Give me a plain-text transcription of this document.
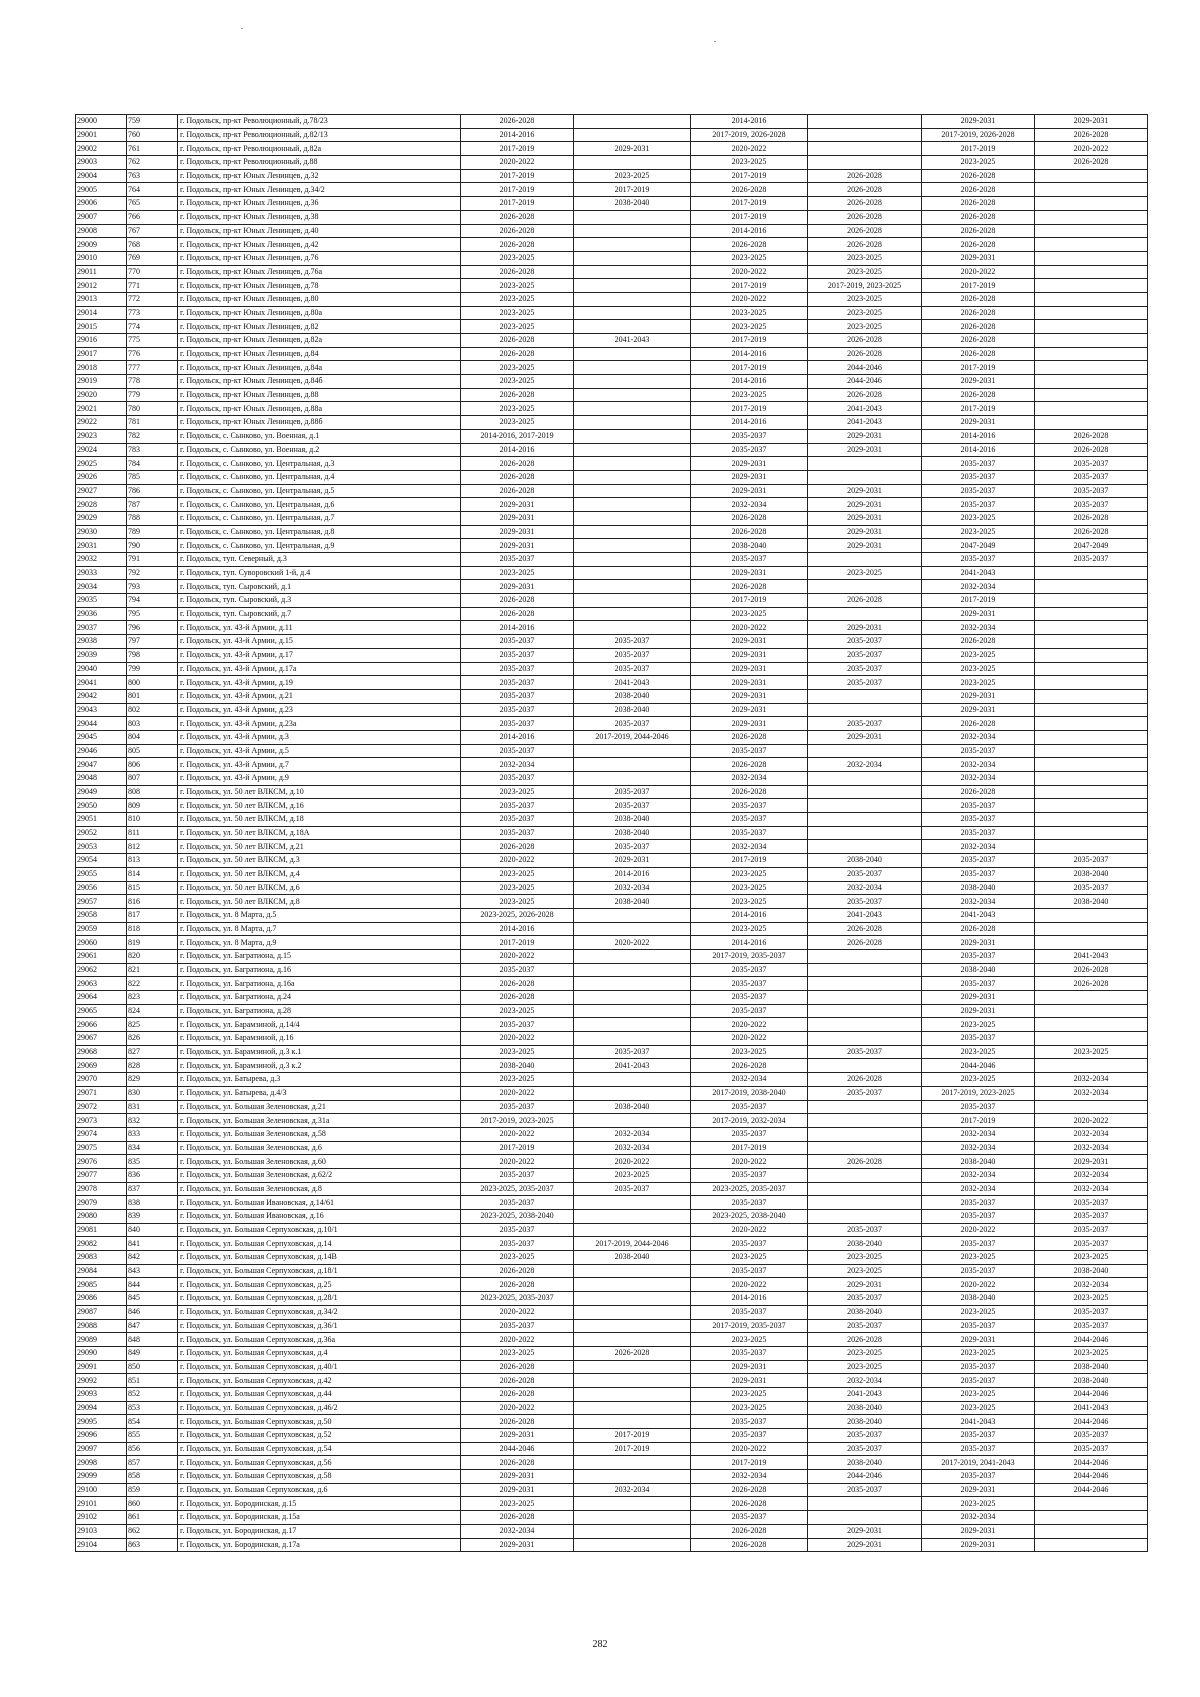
29000	759	г. Подольск, пр-кт Революционный, д.78/23	2026-2028		2014-2016		2029-2031	2029-2031
29001	760	г. Подольск, пр-кт Революционный, д.82/13	2014-2016		2017-2019, 2026-2028		2017-2019, 2026-2028	2026-2028
29002	761	г. Подольск, пр-кт Революционный, д.82а	2017-2019	2029-2031	2020-2022		2017-2019	2020-2022
29003	762	г. Подольск, пр-кт Революционный, д.88	2020-2022		2023-2025		2023-2025	2026-2028
29004	763	г. Подольск, пр-кт Юных Ленинцев, д.32	2017-2019	2023-2025	2017-2019	2026-2028	2026-2028	
29005	764	г. Подольск, пр-кт Юных Ленинцев, д.34/2	2017-2019	2017-2019	2026-2028	2026-2028	2026-2028	
29006	765	г. Подольск, пр-кт Юных Ленинцев, д.36	2017-2019	2038-2040	2017-2019	2026-2028	2026-2028	
29007	766	г. Подольск, пр-кт Юных Ленинцев, д.38	2026-2028		2017-2019	2026-2028	2026-2028	
29008	767	г. Подольск, пр-кт Юных Ленинцев, д.40	2026-2028		2014-2016	2026-2028	2026-2028	
29009	768	г. Подольск, пр-кт Юных Ленинцев, д.42	2026-2028		2026-2028	2026-2028	2026-2028	
29010	769	г. Подольск, пр-кт Юных Ленинцев, д.76	2023-2025		2023-2025	2023-2025	2029-2031	
29011	770	г. Подольск, пр-кт Юных Ленинцев, д.76а	2026-2028		2020-2022	2023-2025	2020-2022	
29012	771	г. Подольск, пр-кт Юных Ленинцев, д.78	2023-2025		2017-2019	2017-2019, 2023-2025	2017-2019	
29013	772	г. Подольск, пр-кт Юных Ленинцев, д.80	2023-2025		2020-2022	2023-2025	2026-2028	
29014	773	г. Подольск, пр-кт Юных Ленинцев, д.80а	2023-2025		2023-2025	2023-2025	2026-2028	
29015	774	г. Подольск, пр-кт Юных Ленинцев, д.82	2023-2025		2023-2025	2023-2025	2026-2028	
29016	775	г. Подольск, пр-кт Юных Ленинцев, д.82а	2026-2028	2041-2043	2017-2019	2026-2028	2026-2028	
29017	776	г. Подольск, пр-кт Юных Ленинцев, д.84	2026-2028		2014-2016	2026-2028	2026-2028	
29018	777	г. Подольск, пр-кт Юных Ленинцев, д.84а	2023-2025		2017-2019	2044-2046	2017-2019	
29019	778	г. Подольск, пр-кт Юных Ленинцев, д.84б	2023-2025		2014-2016	2044-2046	2029-2031	
29020	779	г. Подольск, пр-кт Юных Ленинцев, д.88	2026-2028		2023-2025	2026-2028	2026-2028	
29021	780	г. Подольск, пр-кт Юных Ленинцев, д.88а	2023-2025		2017-2019	2041-2043	2017-2019	
29022	781	г. Подольск, пр-кт Юных Ленинцев, д.88б	2023-2025		2014-2016	2041-2043	2029-2031	
29023	782	г. Подольск, с. Сынково, ул. Военная, д.1	2014-2016, 2017-2019		2035-2037	2029-2031	2014-2016	2026-2028
29024	783	г. Подольск, с. Сынково, ул. Военная, д.2	2014-2016		2035-2037	2029-2031	2014-2016	2026-2028
29025	784	г. Подольск, с. Сынково, ул. Центральная, д.3	2026-2028		2029-2031		2035-2037	2035-2037
29026	785	г. Подольск, с. Сынково, ул. Центральная, д.4	2026-2028		2029-2031		2035-2037	2035-2037
29027	786	г. Подольск, с. Сынково, ул. Центральная, д.5	2026-2028		2029-2031	2029-2031	2035-2037	2035-2037
29028	787	г. Подольск, с. Сынково, ул. Центральная, д.6	2029-2031		2032-2034	2029-2031	2035-2037	2035-2037
29029	788	г. Подольск, с. Сынково, ул. Центральная, д.7	2029-2031		2026-2028	2029-2031	2023-2025	2026-2028
29030	789	г. Подольск, с. Сынково, ул. Центральная, д.8	2029-2031		2026-2028	2029-2031	2023-2025	2026-2028
29031	790	г. Подольск, с. Сынково, ул. Центральная, д.9	2029-2031		2038-2040	2029-2031	2047-2049	2047-2049
29032	791	г. Подольск, туп. Северный, д.3	2035-2037		2035-2037		2035-2037	2035-2037
29033	792	г. Подольск, туп. Суворовский 1-й, д.4	2023-2025		2029-2031	2023-2025	2041-2043	
29034	793	г. Подольск, туп. Сыровский, д.1	2029-2031		2026-2028		2032-2034	
29035	794	г. Подольск, туп. Сыровский, д.3	2026-2028		2017-2019	2026-2028	2017-2019	
29036	795	г. Подольск, туп. Сыровский, д.7	2026-2028		2023-2025		2029-2031	
29037	796	г. Подольск, ул. 43-й Армии, д.11	2014-2016		2020-2022	2029-2031	2032-2034	
29038	797	г. Подольск, ул. 43-й Армии, д.15	2035-2037	2035-2037	2029-2031	2035-2037	2026-2028	
29039	798	г. Подольск, ул. 43-й Армии, д.17	2035-2037	2035-2037	2029-2031	2035-2037	2023-2025	
29040	799	г. Подольск, ул. 43-й Армии, д.17а	2035-2037	2035-2037	2029-2031	2035-2037	2023-2025	
29041	800	г. Подольск, ул. 43-й Армии, д.19	2035-2037	2041-2043	2029-2031	2035-2037	2023-2025	
29042	801	г. Подольск, ул. 43-й Армии, д.21	2035-2037	2038-2040	2029-2031		2029-2031	
29043	802	г. Подольск, ул. 43-й Армии, д.23	2035-2037	2038-2040	2029-2031		2029-2031	
29044	803	г. Подольск, ул. 43-й Армии, д.23а	2035-2037	2035-2037	2029-2031	2035-2037	2026-2028	
29045	804	г. Подольск, ул. 43-й Армии, д.3	2014-2016	2017-2019, 2044-2046	2026-2028	2029-2031	2032-2034	
29046	805	г. Подольск, ул. 43-й Армии, д.5	2035-2037		2035-2037		2035-2037	
29047	806	г. Подольск, ул. 43-й Армии, д.7	2032-2034		2026-2028	2032-2034	2032-2034	
29048	807	г. Подольск, ул. 43-й Армии, д.9	2035-2037		2032-2034		2032-2034	
29049	808	г. Подольск, ул. 50 лет ВЛКСМ, д.10	2023-2025	2035-2037	2026-2028		2026-2028	
29050	809	г. Подольск, ул. 50 лет ВЛКСМ, д.16	2035-2037	2035-2037	2035-2037		2035-2037	
29051	810	г. Подольск, ул. 50 лет ВЛКСМ, д.18	2035-2037	2038-2040	2035-2037		2035-2037	
29052	811	г. Подольск, ул. 50 лет ВЛКСМ, д.18А	2035-2037	2038-2040	2035-2037		2035-2037	
29053	812	г. Подольск, ул. 50 лет ВЛКСМ, д.21	2026-2028	2035-2037	2032-2034		2032-2034	
29054	813	г. Подольск, ул. 50 лет ВЛКСМ, д.3	2020-2022	2029-2031	2017-2019	2038-2040	2035-2037	2035-2037
29055	814	г. Подольск, ул. 50 лет ВЛКСМ, д.4	2023-2025	2014-2016	2023-2025	2035-2037	2035-2037	2038-2040
29056	815	г. Подольск, ул. 50 лет ВЛКСМ, д.6	2023-2025	2032-2034	2023-2025	2032-2034	2038-2040	2035-2037
29057	816	г. Подольск, ул. 50 лет ВЛКСМ, д.8	2023-2025	2038-2040	2023-2025	2035-2037	2032-2034	2038-2040
29058	817	г. Подольск, ул. 8 Марта, д.5	2023-2025, 2026-2028		2014-2016	2041-2043	2041-2043	
29059	818	г. Подольск, ул. 8 Марта, д.7	2014-2016		2023-2025	2026-2028	2026-2028	
29060	819	г. Подольск, ул. 8 Марта, д.9	2017-2019	2020-2022	2014-2016	2026-2028	2029-2031	
29061	820	г. Подольск, ул. Багратиона, д.15	2020-2022		2017-2019, 2035-2037		2035-2037	2041-2043
29062	821	г. Подольск, ул. Багратиона, д.16	2035-2037		2035-2037		2038-2040	2026-2028
29063	822	г. Подольск, ул. Багратиона, д.16а	2026-2028		2035-2037		2035-2037	2026-2028
29064	823	г. Подольск, ул. Багратиона, д.24	2026-2028		2035-2037		2029-2031	
29065	824	г. Подольск, ул. Багратиона, д.28	2023-2025		2035-2037		2029-2031	
29066	825	г. Подольск, ул. Барамзиной, д.14/4	2035-2037		2020-2022		2023-2025	
29067	826	г. Подольск, ул. Барамзиной, д.16	2020-2022		2020-2022		2035-2037	
29068	827	г. Подольск, ул. Барамзиной, д.3 к.1	2023-2025	2035-2037	2023-2025	2035-2037	2023-2025	2023-2025
29069	828	г. Подольск, ул. Барамзиной, д.3 к.2	2038-2040	2041-2043	2026-2028		2044-2046	
29070	829	г. Подольск, ул. Батырева, д.3	2023-2025		2032-2034	2026-2028	2023-2025	2032-2034
29071	830	г. Подольск, ул. Батырева, д.4/3	2020-2022		2017-2019, 2038-2040	2035-2037	2017-2019, 2023-2025	2032-2034
29072	831	г. Подольск, ул. Большая Зеленовская, д.21	2035-2037	2038-2040	2035-2037		2035-2037	
29073	832	г. Подольск, ул. Большая Зеленовская, д.31а	2017-2019, 2023-2025		2017-2019, 2032-2034		2017-2019	2020-2022
29074	833	г. Подольск, ул. Большая Зеленовская, д.58	2020-2022	2032-2034	2035-2037		2032-2034	2032-2034
29075	834	г. Подольск, ул. Большая Зеленовская, д.6	2017-2019	2032-2034	2017-2019		2032-2034	2032-2034
29076	835	г. Подольск, ул. Большая Зеленовская, д.60	2020-2022	2020-2022	2020-2022	2026-2028	2038-2040	2029-2031
29077	836	г. Подольск, ул. Большая Зеленовская, д.62/2	2035-2037	2023-2025	2035-2037		2032-2034	2032-2034
29078	837	г. Подольск, ул. Большая Зеленовская, д.8	2023-2025, 2035-2037	2035-2037	2023-2025, 2035-2037		2032-2034	2032-2034
29079	838	г. Подольск, ул. Большая Ивановская, д.14/61	2035-2037		2035-2037		2035-2037	2035-2037
29080	839	г. Подольск, ул. Большая Ивановская, д.16	2023-2025, 2038-2040		2023-2025, 2038-2040		2035-2037	2035-2037
29081	840	г. Подольск, ул. Большая Серпуховская, д.10/1	2035-2037		2020-2022	2035-2037	2020-2022	2035-2037
29082	841	г. Подольск, ул. Большая Серпуховская, д.14	2035-2037	2017-2019, 2044-2046	2035-2037	2038-2040	2035-2037	2035-2037
29083	842	г. Подольск, ул. Большая Серпуховская, д.14В	2023-2025	2038-2040	2023-2025	2023-2025	2023-2025	2023-2025
29084	843	г. Подольск, ул. Большая Серпуховская, д.18/1	2026-2028		2035-2037	2023-2025	2035-2037	2038-2040
29085	844	г. Подольск, ул. Большая Серпуховская, д.25	2026-2028		2020-2022	2029-2031	2020-2022	2032-2034
29086	845	г. Подольск, ул. Большая Серпуховская, д.28/1	2023-2025, 2035-2037		2014-2016	2035-2037	2038-2040	2023-2025
29087	846	г. Подольск, ул. Большая Серпуховская, д.34/2	2020-2022		2035-2037	2038-2040	2023-2025	2035-2037
29088	847	г. Подольск, ул. Большая Серпуховская, д.36/1	2035-2037		2017-2019, 2035-2037	2035-2037	2035-2037	2035-2037
29089	848	г. Подольск, ул. Большая Серпуховская, д.36а	2020-2022		2023-2025	2026-2028	2029-2031	2044-2046
29090	849	г. Подольск, ул. Большая Серпуховская, д.4	2023-2025	2026-2028	2035-2037	2023-2025	2023-2025	2023-2025
29091	850	г. Подольск, ул. Большая Серпуховская, д.40/1	2026-2028		2029-2031	2023-2025	2035-2037	2038-2040
29092	851	г. Подольск, ул. Большая Серпуховская, д.42	2026-2028		2029-2031	2032-2034	2035-2037	2038-2040
29093	852	г. Подольск, ул. Большая Серпуховская, д.44	2026-2028		2023-2025	2041-2043	2023-2025	2044-2046
29094	853	г. Подольск, ул. Большая Серпуховская, д.46/2	2020-2022		2023-2025	2038-2040	2023-2025	2041-2043
29095	854	г. Подольск, ул. Большая Серпуховская, д.50	2026-2028		2035-2037	2038-2040	2041-2043	2044-2046
29096	855	г. Подольск, ул. Большая Серпуховская, д.52	2029-2031	2017-2019	2035-2037	2035-2037	2035-2037	2035-2037
29097	856	г. Подольск, ул. Большая Серпуховская, д.54	2044-2046	2017-2019	2020-2022	2035-2037	2035-2037	2035-2037
29098	857	г. Подольск, ул. Большая Серпуховская, д.56	2026-2028		2017-2019	2038-2040	2017-2019, 2041-2043	2044-2046
29099	858	г. Подольск, ул. Большая Серпуховская, д.58	2029-2031		2032-2034	2044-2046	2035-2037	2044-2046
29100	859	г. Подольск, ул. Большая Серпуховская, д.6	2029-2031	2032-2034	2026-2028	2035-2037	2029-2031	2044-2046
29101	860	г. Подольск, ул. Бородинская, д.15	2023-2025		2026-2028		2023-2025	
29102	861	г. Подольск, ул. Бородинская, д.15а	2026-2028		2035-2037		2032-2034	
29103	862	г. Подольск, ул. Бородинская, д.17	2032-2034		2026-2028	2029-2031	2029-2031	
29104	863	г. Подольск, ул. Бородинская, д.17а	2029-2031		2026-2028	2029-2031	2029-2031	
282
